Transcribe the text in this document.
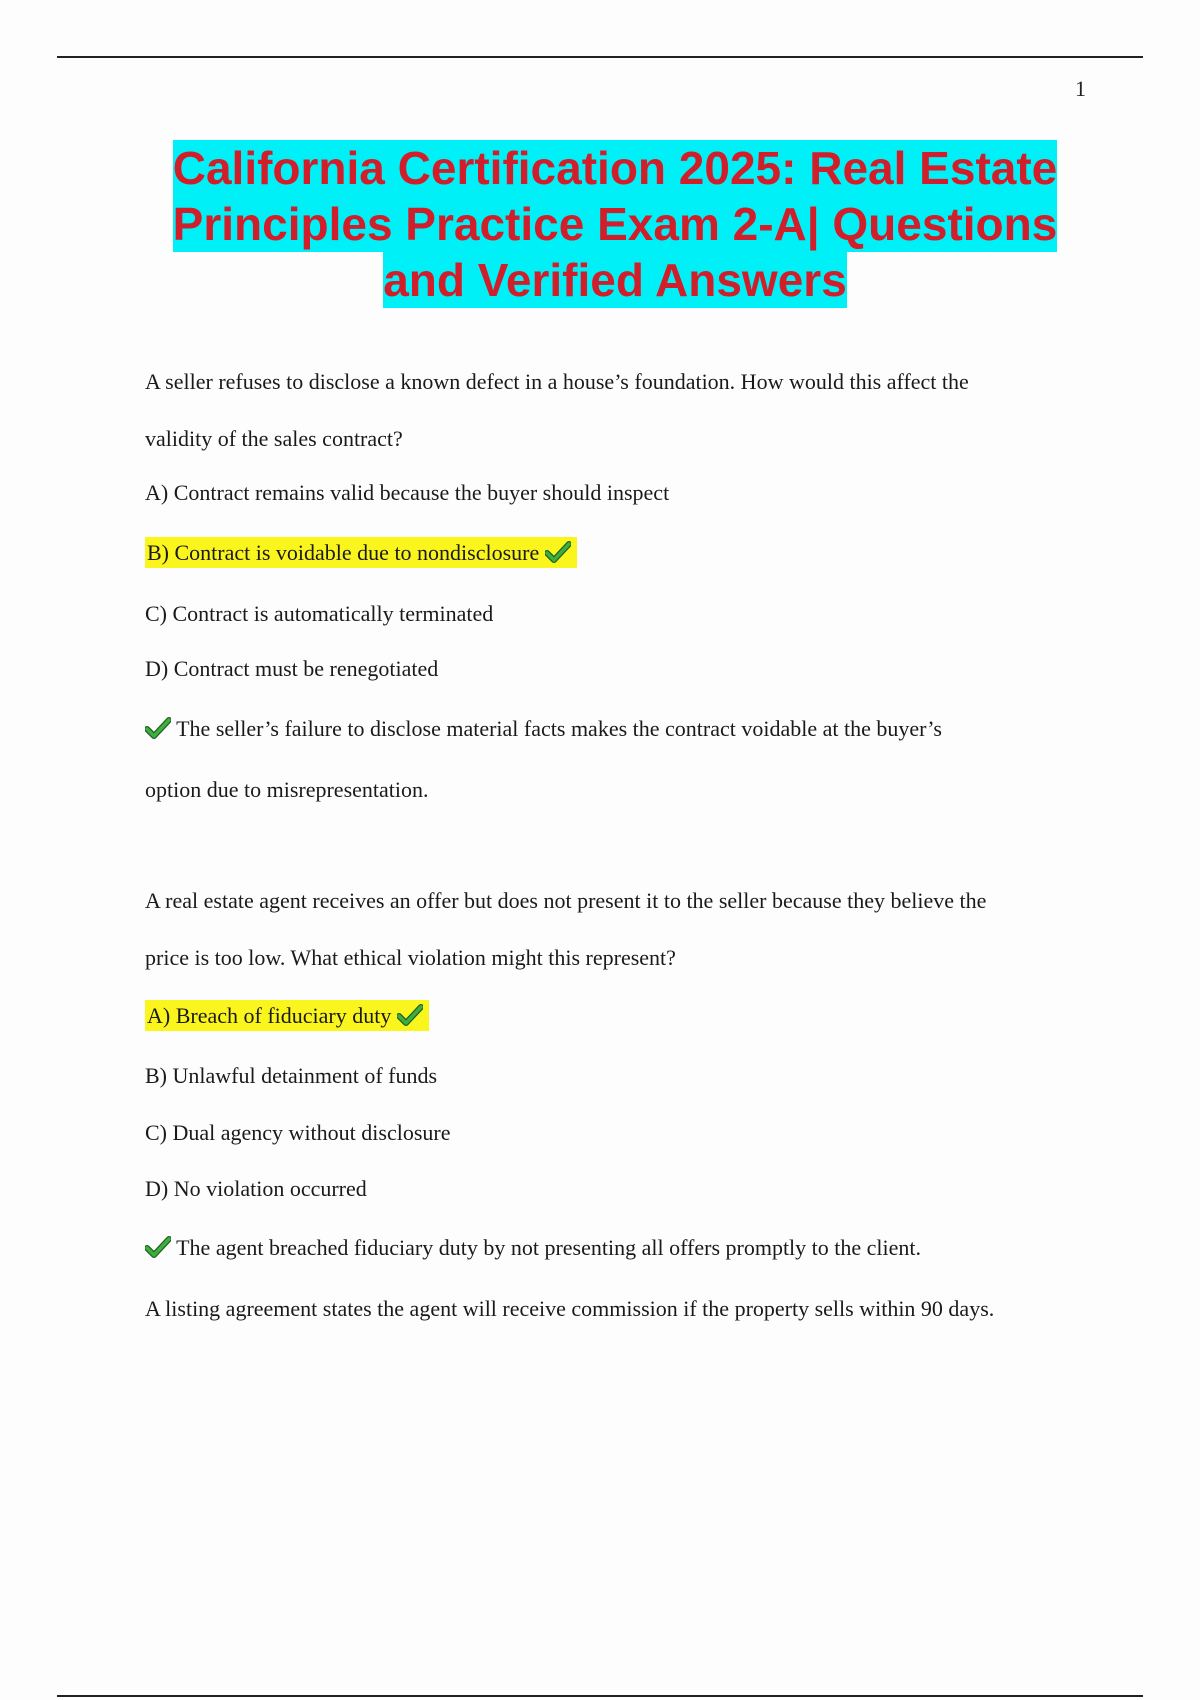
1
California Certification 2025: Real Estate Principles Practice Exam 2-A| Questions and Verified Answers
A seller refuses to disclose a known defect in a house’s foundation. How would this affect the
validity of the sales contract?
A) Contract remains valid because the buyer should inspect
B) Contract is voidable due to nondisclosure
C) Contract is automatically terminated
D) Contract must be renegotiated
The seller’s failure to disclose material facts makes the contract voidable at the buyer’s
option due to misrepresentation.
A real estate agent receives an offer but does not present it to the seller because they believe the
price is too low. What ethical violation might this represent?
A) Breach of fiduciary duty
B) Unlawful detainment of funds
C) Dual agency without disclosure
D) No violation occurred
The agent breached fiduciary duty by not presenting all offers promptly to the client.
A listing agreement states the agent will receive commission if the property sells within 90 days.
